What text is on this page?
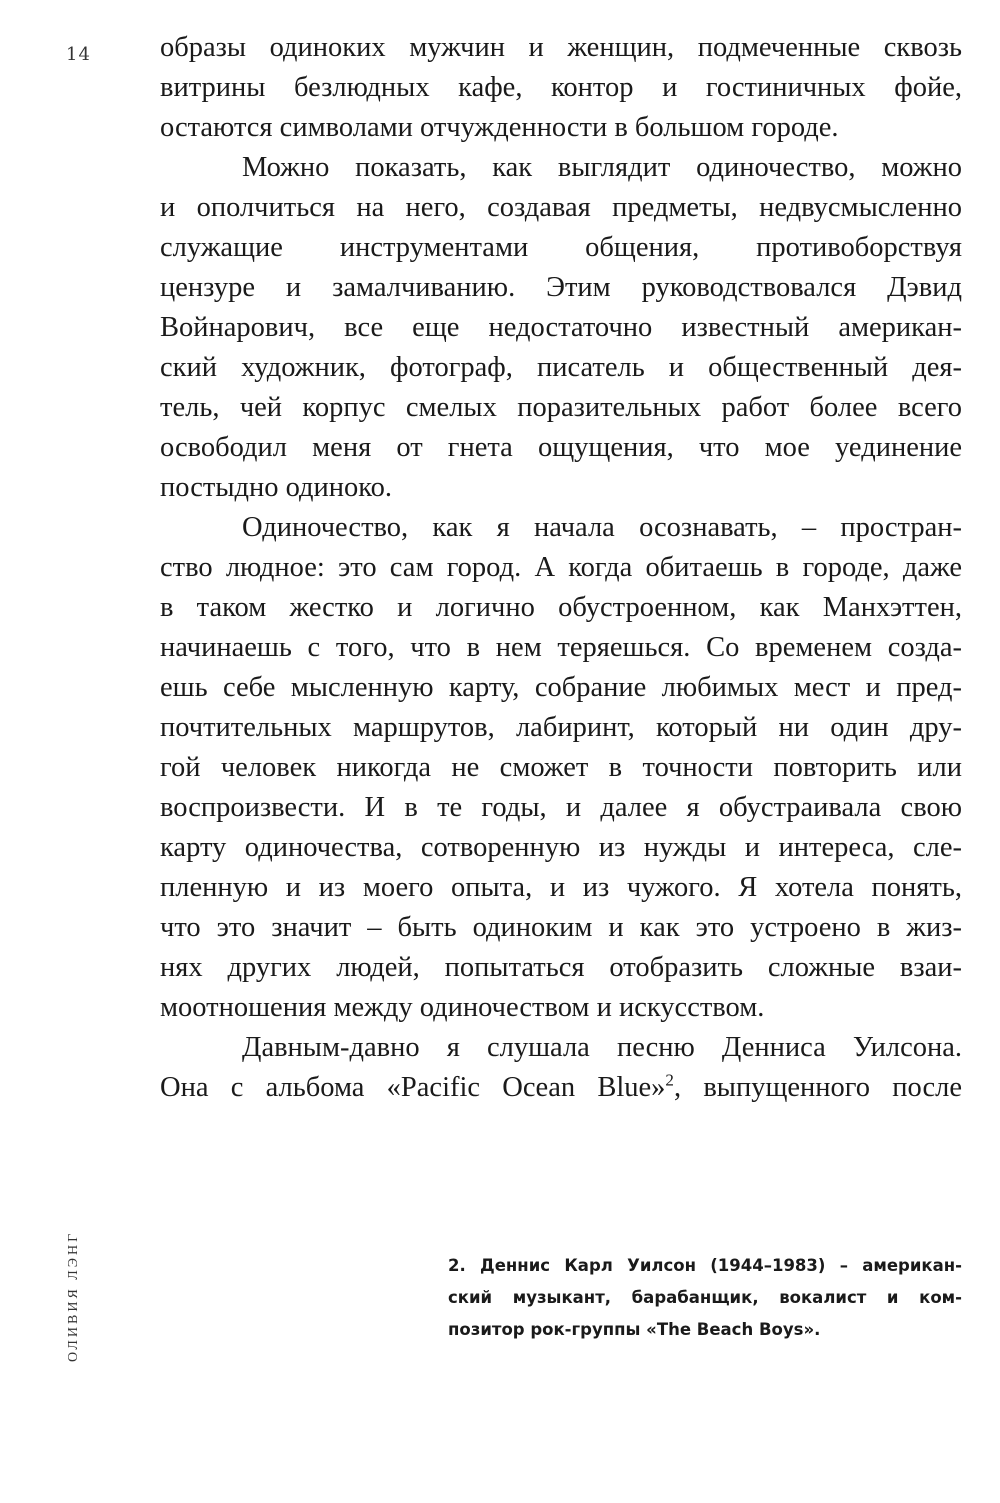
14
ОЛИВИЯ ЛЭНГ
образы одиноких мужчин и женщин, подмеченные сквозь
витрины безлюдных кафе, контор и гостиничных фойе,
остаются символами отчужденности в большом городе.
Можно показать, как выглядит одиночество, можно
и ополчиться на него, создавая предметы, недвусмысленно
служащие инструментами общения, противоборствуя
цензуре и замалчиванию. Этим руководствовался Дэвид
Войнарович, все еще недостаточно известный американ-
ский художник, фотограф, писатель и общественный дея-
тель, чей корпус смелых поразительных работ более всего
освободил меня от гнета ощущения, что мое уединение
постыдно одиноко.
Одиночество, как я начала осознавать, – простран-
ство людное: это сам город. А когда обитаешь в городе, даже
в таком жестко и логично обустроенном, как Манхэттен,
начинаешь с того, что в нем теряешься. Со временем созда-
ешь себе мысленную карту, собрание любимых мест и пред-
почтительных маршрутов, лабиринт, который ни один дру-
гой человек никогда не сможет в точности повторить или
воспроизвести. И в те годы, и далее я обустраивала свою
карту одиночества, сотворенную из нужды и интереса, сле-
пленную и из моего опыта, и из чужого. Я хотела понять,
что это значит – быть одиноким и как это устроено в жиз-
нях других людей, попытаться отобразить сложные взаи-
моотношения между одиночеством и искусством.
Давным-давно я слушала песню Денниса Уилсона.
Она с альбома «Pacific Ocean Blue»$^2$, выпущенного после
2. Деннис Карл Уилсон (1944–1983) – американ-
ский музыкант, барабанщик, вокалист и ком-
позитор рок-группы «The Beach Boys».
